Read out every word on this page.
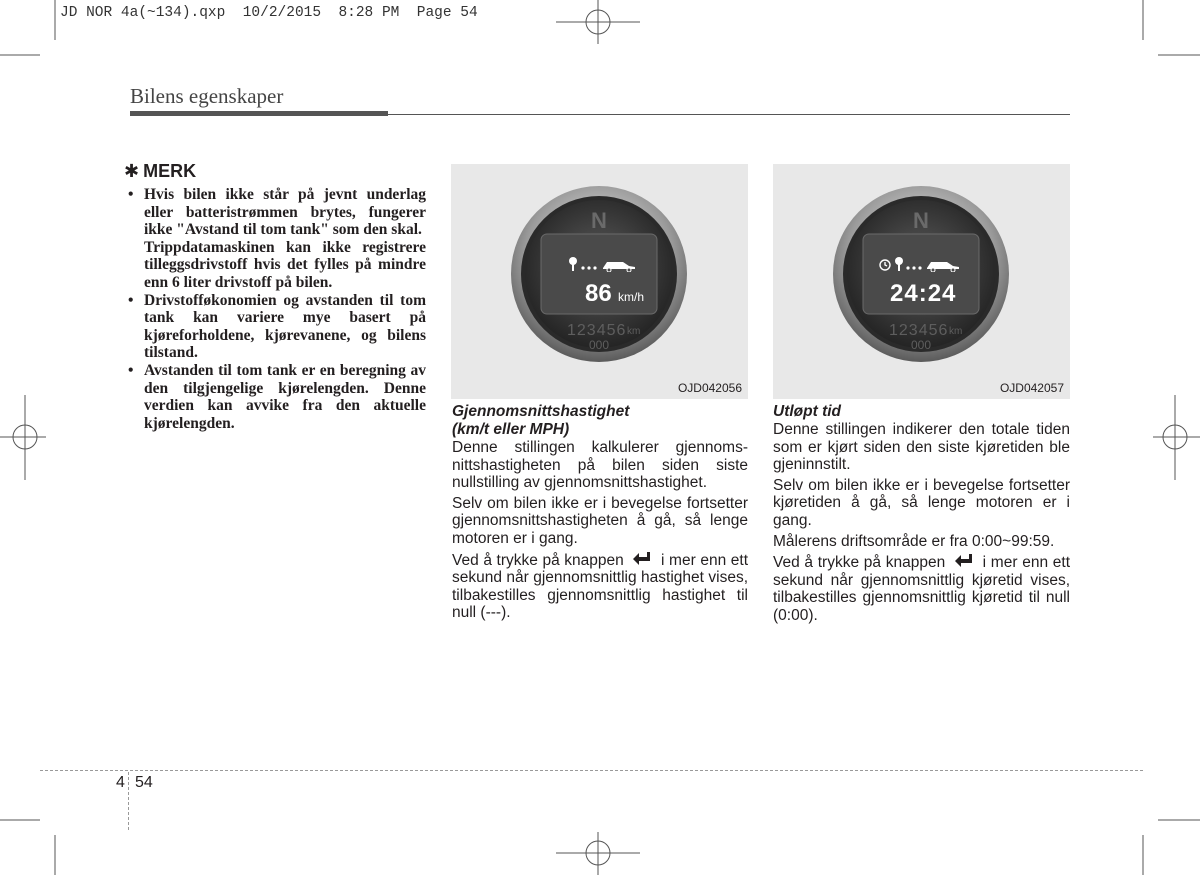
JD NOR 4a(~134).qxp  10/2/2015  8:28 PM  Page 54
Bilens egenskaper
✱ MERK
• Hvis bilen ikke står på jevnt underlag eller batteristrømmen brytes, fungerer ikke "Avstand til tom tank" som den skal.
Trippdatamaskinen kan ikke registrere tilleggsdrivstoff hvis det fylles på mindre enn 6 liter drivstoff på bilen.
• Drivstofføkonomien og avstanden til tom tank kan variere mye basert på kjøreforholdene, kjørevanene, og bilens tilstand.
• Avstanden til tom tank er en beregning av den tilgjengelige kjørelengden. Denne verdien kan avvike fra den aktuelle kjørelengden.
N
86 km/h
123456 km
000
OJD042056
N
24:24
123456 km
000
OJD042057
Gjennomsnittshastighet
(km/t eller MPH)

Denne stillingen kalkulerer gjennoms-nittshastigheten på bilen siden siste nullstilling av gjennomsnittshastighet.

Selv om bilen ikke er i bevegelse fortsetter gjennomsnittshastigheten å gå, så lenge motoren er i gang.

Ved å trykke på knappen i mer enn ett sekund når gjennomsnittlig hastighet vises, tilbakestilles gjennomsnittlig hastighet til null (---).

Utløpt tid

Denne stillingen indikerer den totale tiden som er kjørt siden den siste kjøretiden ble gjeninnstilt.

Selv om bilen ikke er i bevegelse fortsetter kjøretiden å gå, så lenge motoren er i gang.

Målerens driftsområde er fra 0:00~99:59.

Ved å trykke på knappen i mer enn ett sekund når gjennomsnittlig kjøretid vises, tilbakestilles gjennomsnittlig kjøretid til null (0:00).

4 54
